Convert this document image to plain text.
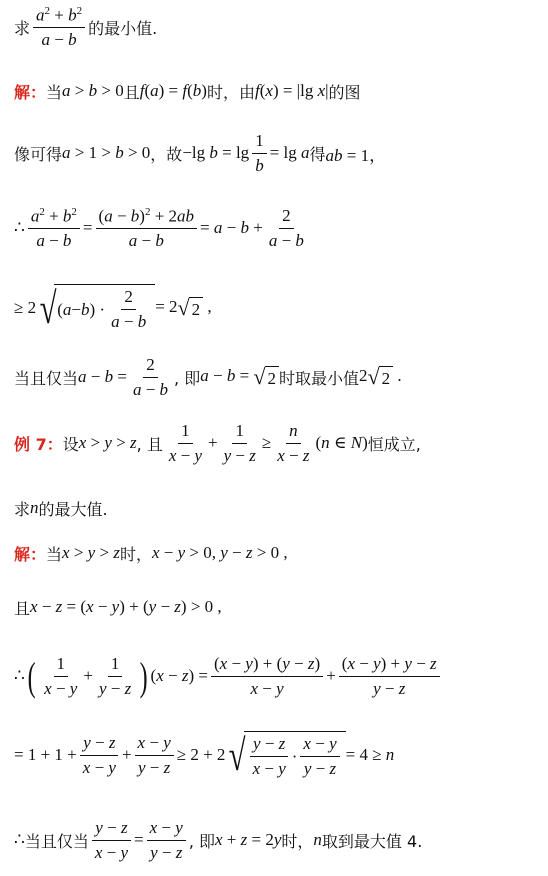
求 $\frac{a^2 + b^2}{a - b}$ 的最小值.
解： 当 a > b > 0 且 f(a) = f(b) 时，由 f(x) = |lg x| 的图
像可得 a > 1 > b > 0 ，故 −lg $b = \lg \frac{1}{b} = \lg a$ 得 ab = 1，
∴ $\frac{a^2 + b^2}{a - b} = \frac{(a - b)^2 + 2ab}{a - b} = a - b + \frac{2}{a - b}$
≥ 2 √ ( a − b ) · $\frac{2}{a - b} = 2$ √ 2 ,
当且仅当 $a - b = \frac{2}{a - b}$ , 即 a − b = √ 2 时取最小值 2 √ 2 .
例 7： 设 x > y > z , 且 $\frac{1}{x - y} + \frac{1}{y - z} \ge \frac{n}{x - z} (n$ ∈ N) 恒成立,
求 n 的最大值.
解： 当 x > y > z 时， x − y > 0, y − z > 0 ,
且 x − z = (x − y) + (y − z) > 0 ,
∴ ( $\frac{1}{x - y} + \frac{1}{y - z}$ ) $(x - z) = \frac{(x - y) + (y - z)}{x - y} + \frac{(x - y) + y - z}{y - z}$
= $1 + 1 + \frac{y - z}{x - y} + \frac{x - y}{y - z} \ge 2 + 2$ √ $\frac{y - z}{x - y} \cdot \frac{x - y}{y - z} = 4 \ge n$
∴ 当且仅当 $\frac{y - z}{x - y} = \frac{x - y}{y - z}$ , 即 x + z = 2y 时， n 取到最大值 4.
